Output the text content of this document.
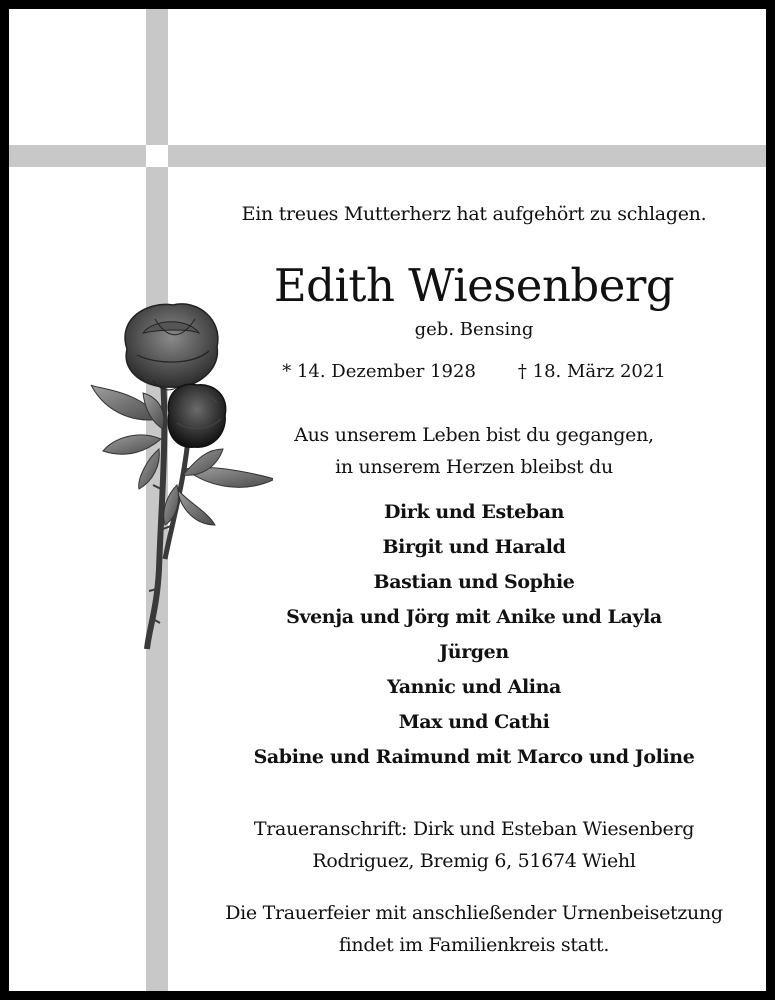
Ein treues Mutterherz hat aufgehört zu schlagen.
Edith Wiesenberg
geb. Bensing
* 14. Dezember 1928 † 18. März 2021
Aus unserem Leben bist du gegangen,
in unserem Herzen bleibst du
Dirk und Esteban
Birgit und Harald
Bastian und Sophie
Svenja und Jörg mit Anike und Layla
Jürgen
Yannic und Alina
Max und Cathi
Sabine und Raimund mit Marco und Joline
Traueranschrift: Dirk und Esteban Wiesenberg
Rodriguez, Bremig 6, 51674 Wiehl
Die Trauerfeier mit anschließender Urnenbeisetzung
findet im Familienkreis statt.
